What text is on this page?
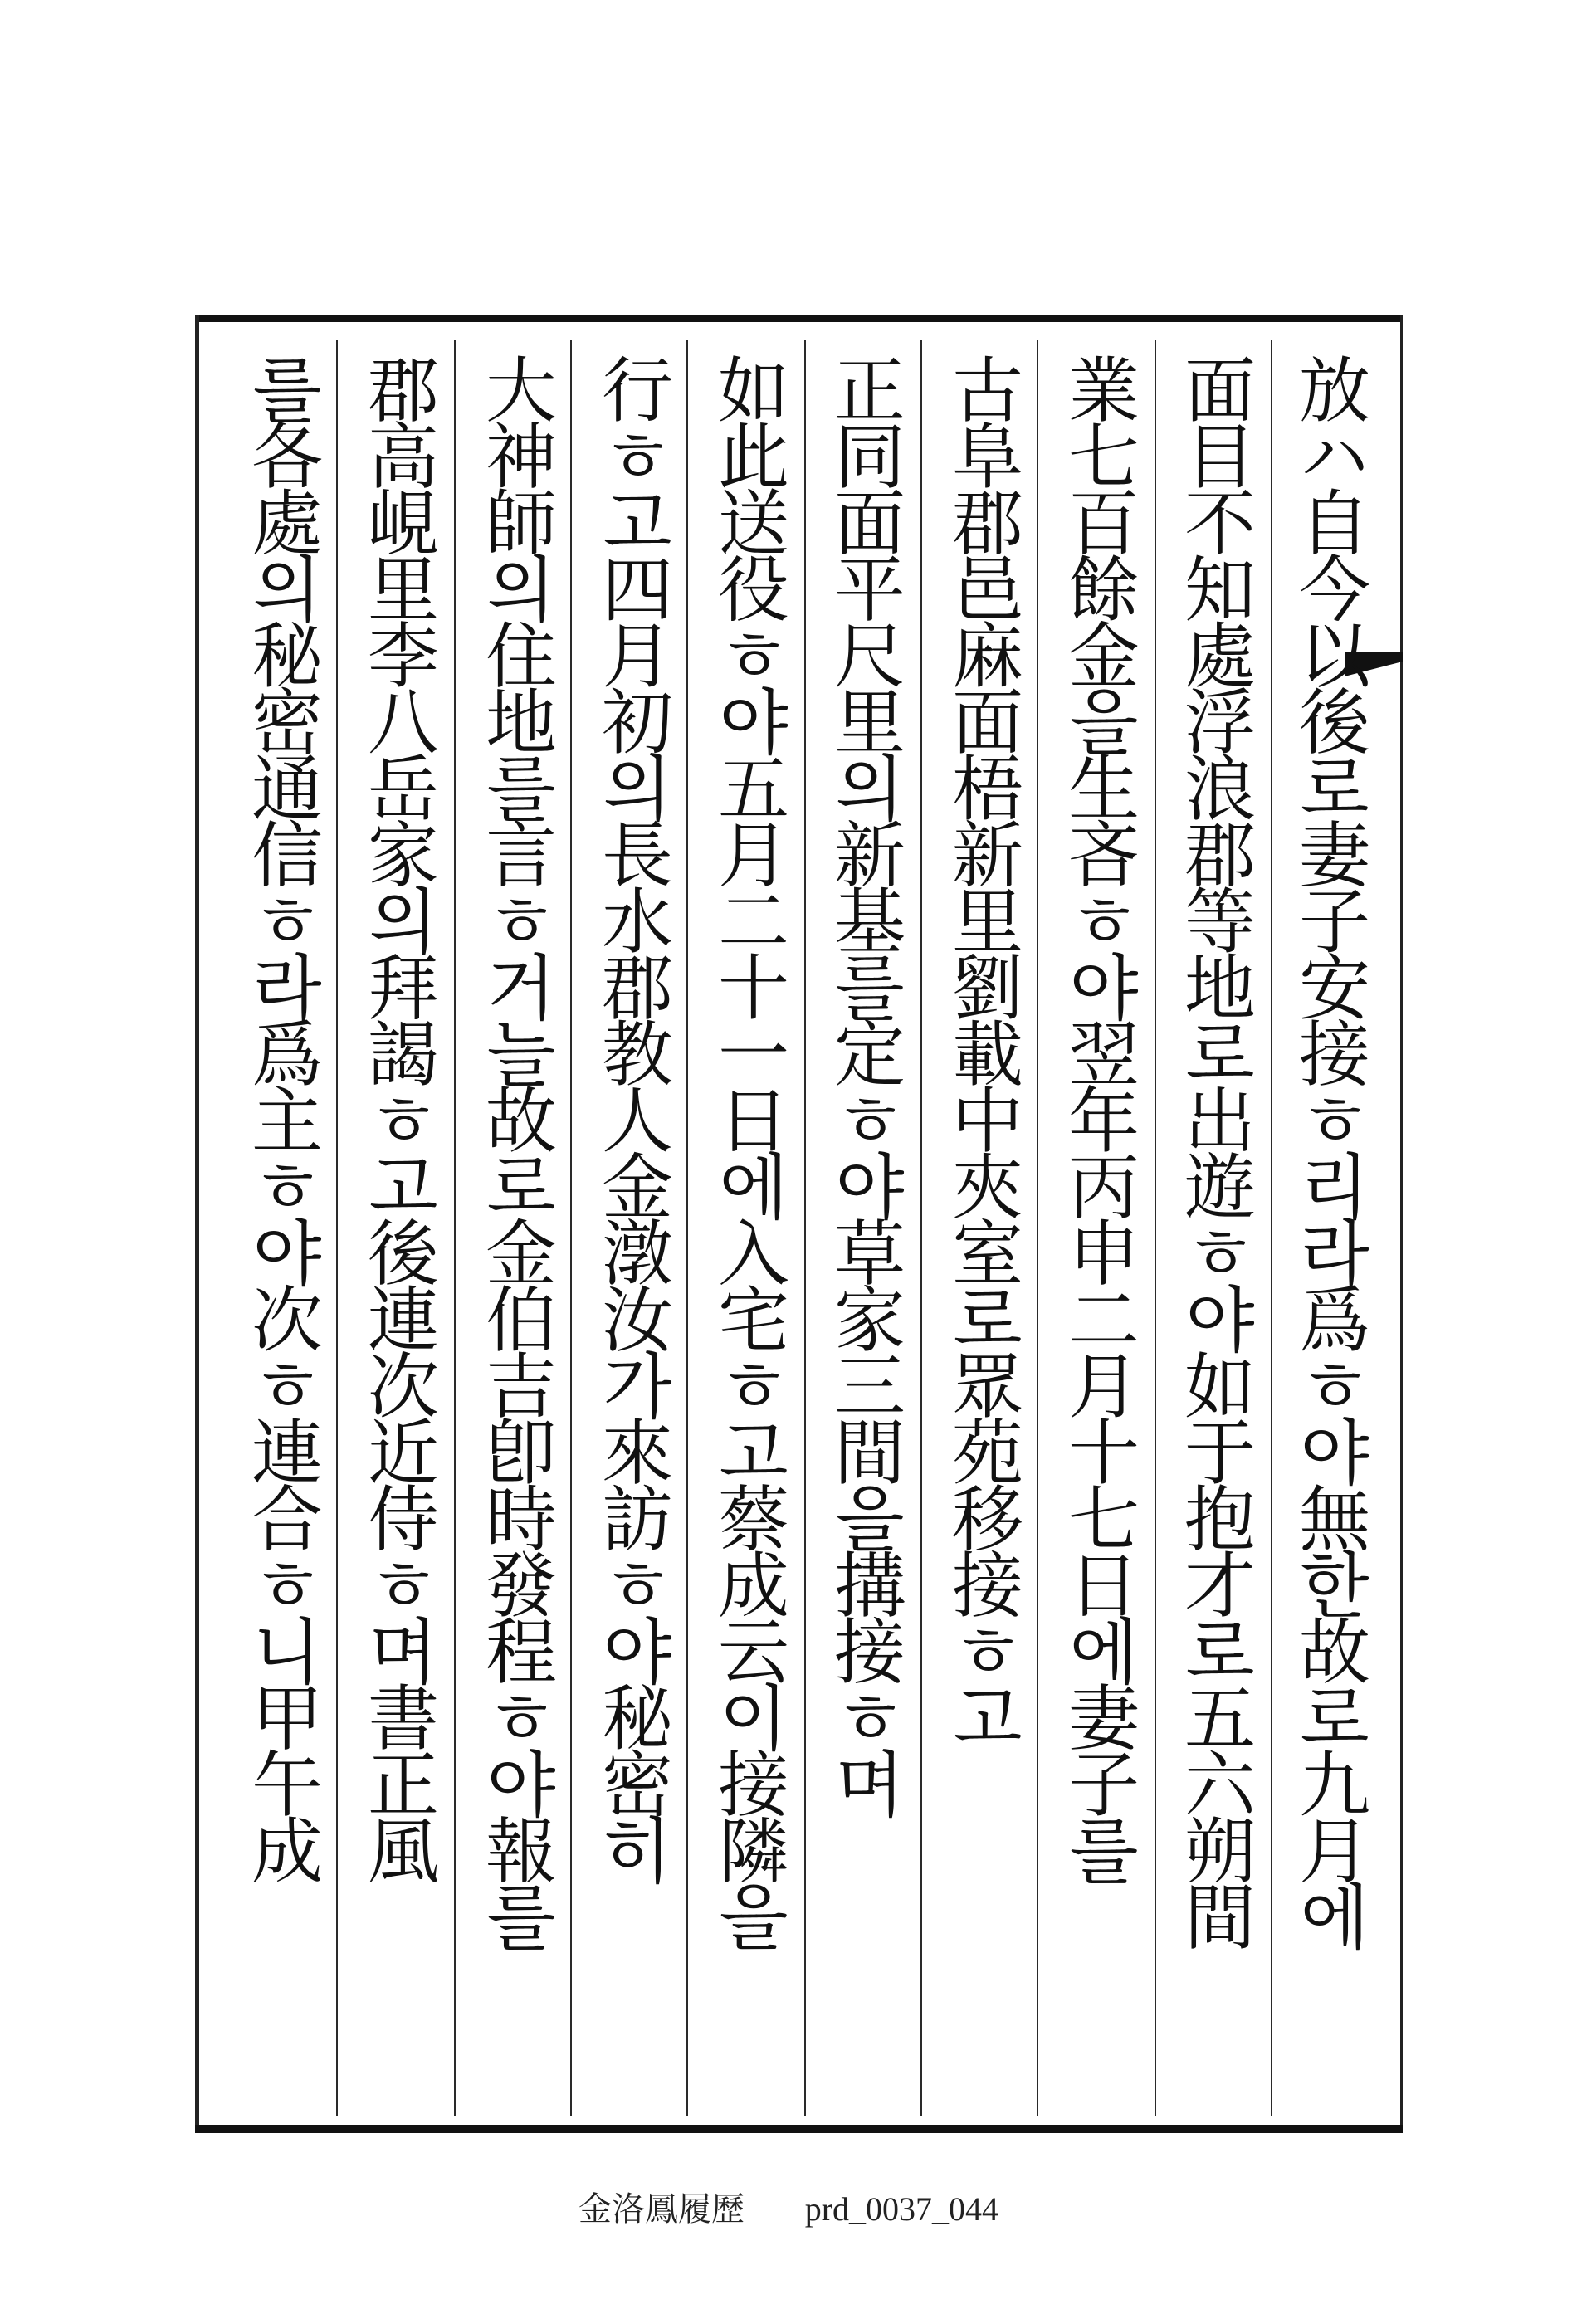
放ハ自今以後로妻子安接ㅎ리라爲ㅎ야無한故로九月에
面目不知處浮浪郡等地로出遊ㅎ야如于抱才로五六朔間
業七百餘金을生吝ㅎ야翌年丙申二月十七日에妻子를
古阜郡邑麻面梧新里劉載中夾室로眾苑移接ㅎ고
正同面平尺里의新基를定ㅎ야草家三間을搆接ㅎ며
如此送役ㅎ야五月二十一日에入宅ㅎ고蔡成云이接隣을
行ㅎ고四月初의長水郡教人金潡汝가來訪ㅎ야秘密히
大神師의住地를言ㅎ거늘故로金伯吉卽時發程ㅎ야報를
郡高峴里李八岳家의拜謁ㅎ고後連次近侍ㅎ며書正風
를各處의秘密通信ㅎ라爲主ㅎ야次ㅎ連合ㅎ니甲午成
金洛鳳履歷 prd_0037_044
